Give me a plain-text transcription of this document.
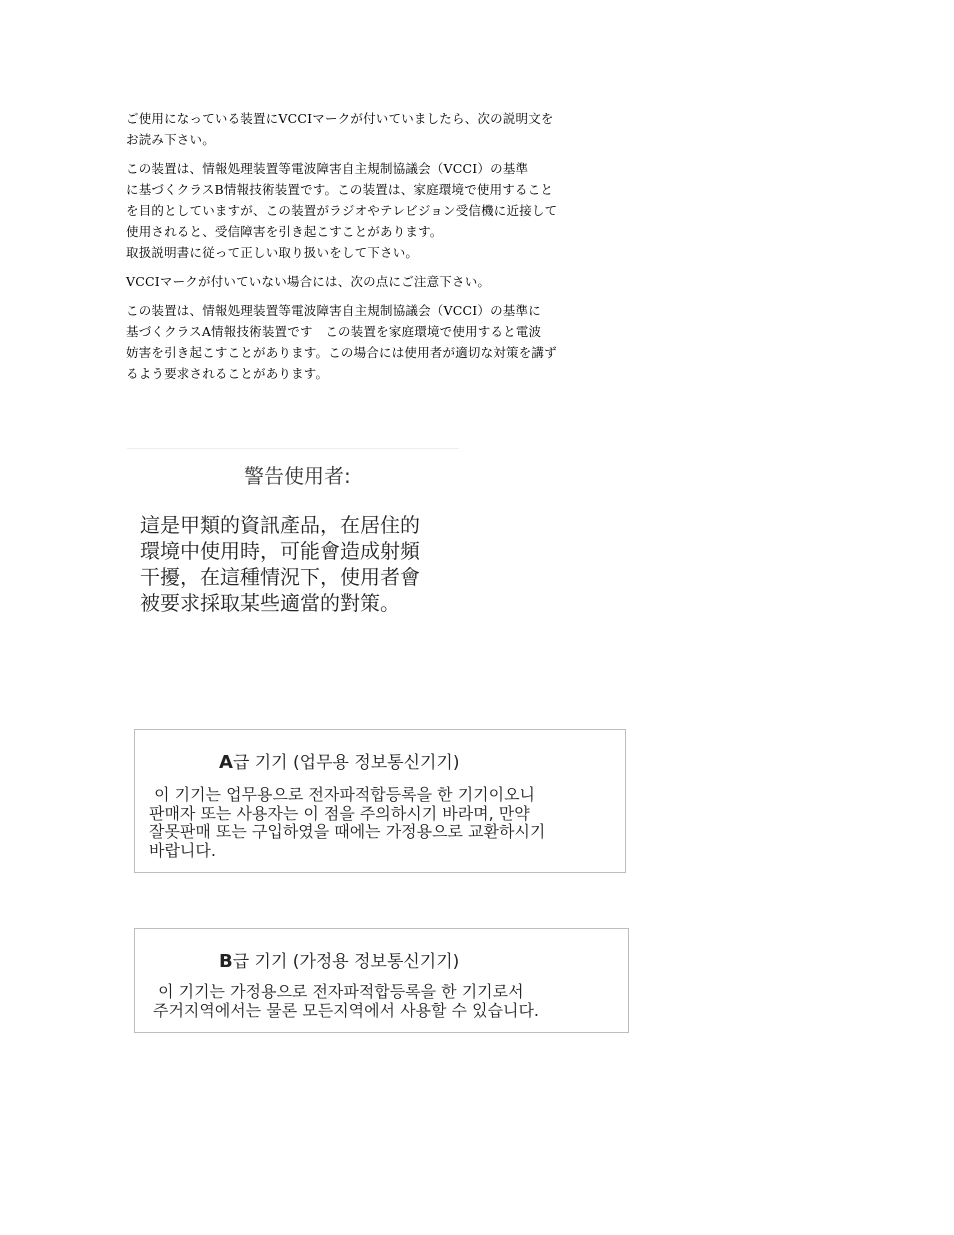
ご使用になっている装置にVCCIマークが付いていましたら、次の説明文を
お読み下さい。

この装置は、情報処理装置等電波障害自主規制協議会（VCCI）の基準
に基づくクラスB情報技術装置です。この装置は、家庭環境で使用すること
を目的としていますが、この装置がラジオやテレビジョン受信機に近接して
使用されると、受信障害を引き起こすことがあります。
取扱説明書に従って正しい取り扱いをして下さい。

VCCIマークが付いていない場合には、次の点にご注意下さい。

この装置は、情報処理装置等電波障害自主規制協議会（VCCI）の基準に
基づくクラスA情報技術装置です　この装置を家庭環境で使用すると電波
妨害を引き起こすことがあります。この場合には使用者が適切な対策を講ず
るよう要求されることがあります。

警告使用者:
這是甲類的資訊產品，在居住的
環境中使用時，可能會造成射頻
干擾，在這種情況下，使用者會
被要求採取某些適當的對策。
A급 기기 (업무용 정보통신기기)
이 기기는 업무용으로 전자파적합등록을 한 기기이오니
판매자 또는 사용자는 이 점을 주의하시기 바라며, 만약
잘못판매 또는 구입하였을 때에는 가정용으로 교환하시기
바랍니다.
B급 기기 (가정용 정보통신기기)
이 기기는 가정용으로 전자파적합등록을 한 기기로서
주거지역에서는 물론 모든지역에서 사용할 수 있습니다.
